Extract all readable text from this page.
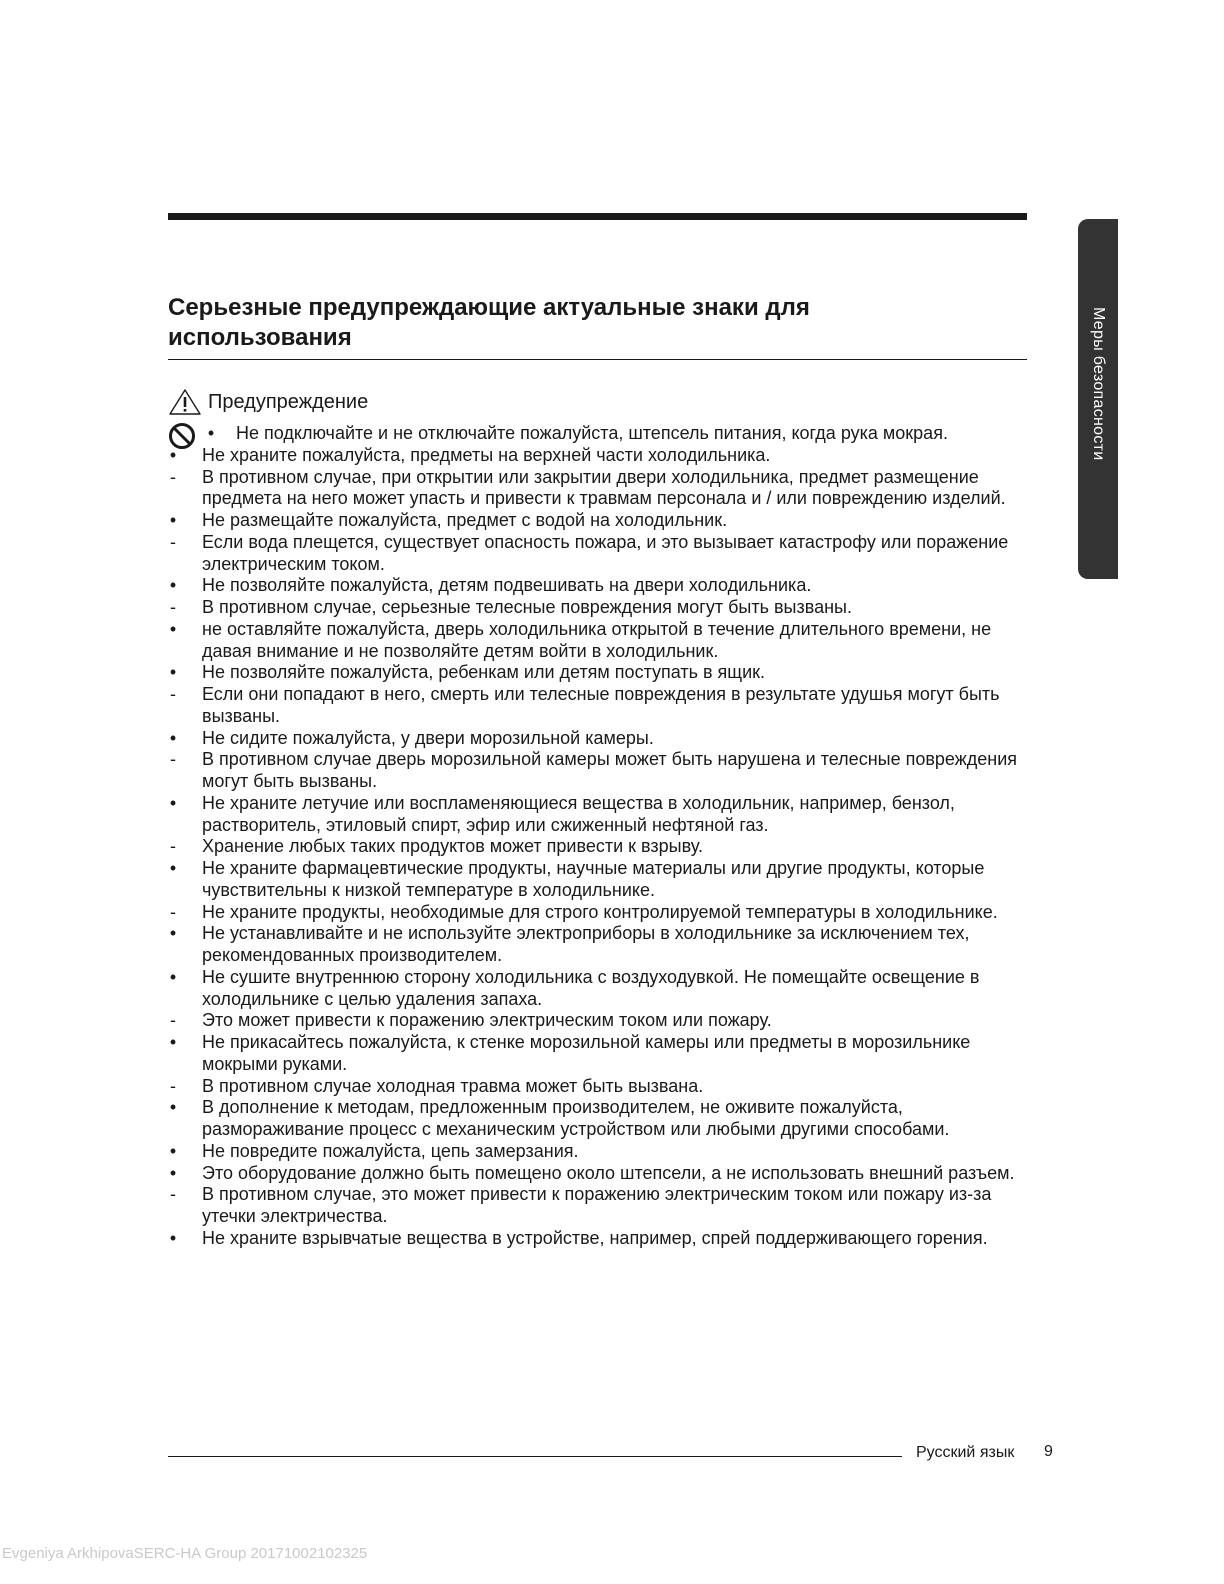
Меры безопасности
Серьезные предупреждающие актуальные знаки для использования
Предупреждение
• Не подключайте и не отключайте пожалуйста, штепсель питания, когда рука мокрая.
• Не храните пожалуйста, предметы на верхней части холодильника.
- В противном случае, при открытии или закрытии двери холодильника, предмет размещение предмета на него может упасть и привести к травмам персонала и / или повреждению изделий.
• Не размещайте пожалуйста, предмет с водой на холодильник.
- Если вода плещется, существует опасность пожара, и это вызывает катастрофу или поражение электрическим током.
• Не позволяйте пожалуйста, детям подвешивать на двери холодильника.
- В противном случае, серьезные телесные повреждения могут быть вызваны.
• не оставляйте пожалуйста, дверь холодильника открытой в течение длительного времени, не давая внимание и не позволяйте детям войти в холодильник.
• Не позволяйте пожалуйста, ребенкам или детям поступать в ящик.
- Если они попадают в него, смерть или телесные повреждения в результате удушья могут быть вызваны.
• Не сидите пожалуйста, у двери морозильной камеры.
- В противном случае дверь морозильной камеры может быть нарушена и телесные повреждения могут быть вызваны.
• Не храните летучие или воспламеняющиеся вещества в холодильник, например, бензол, растворитель, этиловый спирт, эфир или сжиженный нефтяной газ.
- Хранение любых таких продуктов может привести к взрыву.
• Не храните фармацевтические продукты, научные материалы или другие продукты, которые чувствительны к низкой температуре в холодильнике.
- Не храните продукты, необходимые для строго контролируемой температуры в холодильнике.
• Не устанавливайте и не используйте электроприборы в холодильнике за исключением тех, рекомендованных производителем.
• Не сушите внутреннюю сторону холодильника с воздуходувкой. Не помещайте освещение в холодильнике с целью удаления запаха.
- Это может привести к поражению электрическим током или пожару.
• Не прикасайтесь пожалуйста, к стенке морозильной камеры или предметы в морозильнике мокрыми руками.
- В противном случае холодная травма может быть вызвана.
• В дополнение к методам, предложенным производителем, не оживите пожалуйста, размораживание процесс с механическим устройством или любыми другими способами.
• Не повредите пожалуйста, цепь замерзания.
• Это оборудование должно быть помещено около штепсели, а не использовать внешний разъем.
- В противном случае, это может привести к поражению электрическим током или пожару из-за утечки электричества.
• Не храните взрывчатые вещества в устройстве, например, спрей поддерживающего горения.
Русский язык 9
Evgeniya ArkhipovaSERC-HA Group 20171002102325
